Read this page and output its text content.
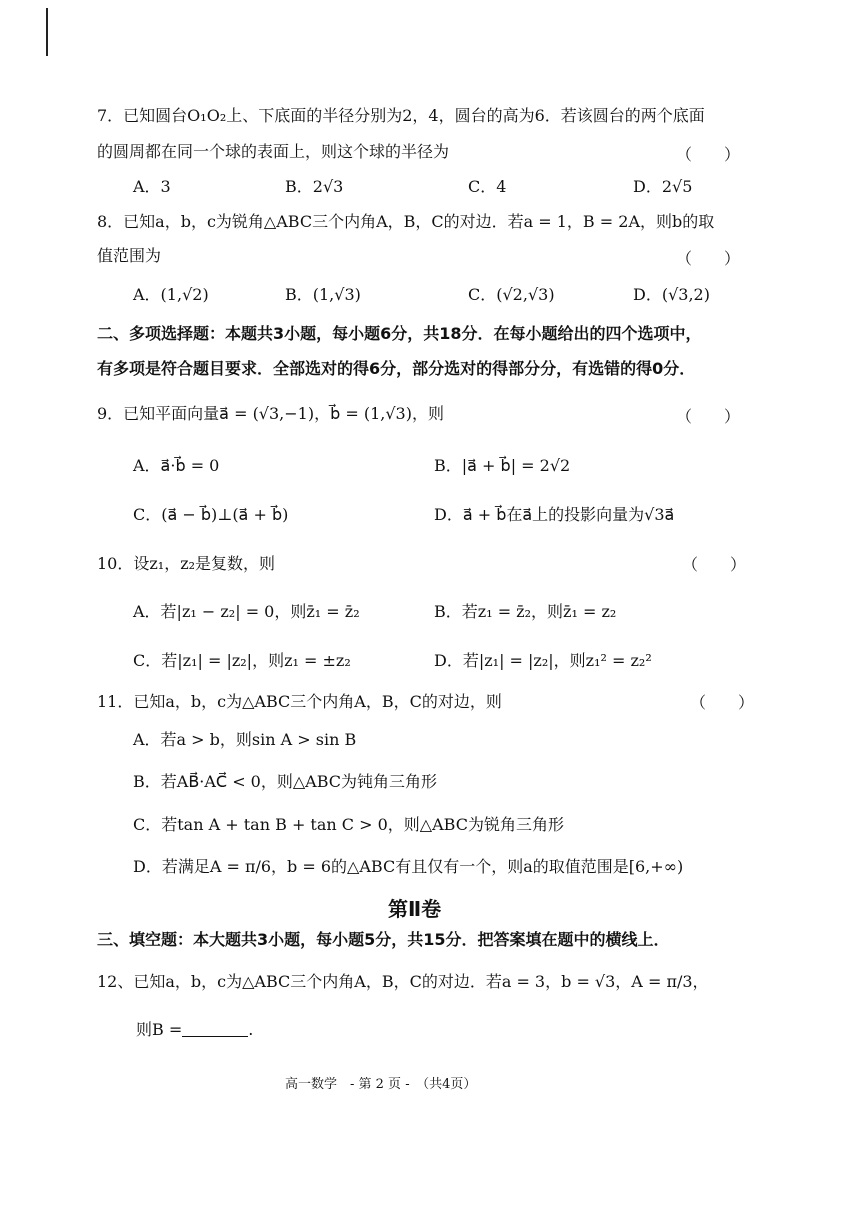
7．已知圆台O₁O₂上、下底面的半径分别为2，4，圆台的高为6．若该圆台的两个底面
的圆周都在同一个球的表面上，则这个球的半径为	（　　）
A．3	B．2√3	C．4	D．2√5
8．已知a，b，c为锐角△ABC三个内角A，B，C的对边．若a = 1，B = 2A，则b的取
值范围为	（　　）
A．(1,√2)	B．(1,√3)	C．(√2,√3)	D．(√3,2)
二、多项选择题：本题共3小题，每小题6分，共18分．在每小题给出的四个选项中，
有多项是符合题目要求．全部选对的得6分，部分选对的得部分分，有选错的得0分．
9．已知平面向量a⃗ = (√3,−1)，b⃗ = (1,√3)，则	（　　）
A．a⃗·b⃗ = 0	B．|a⃗ + b⃗| = 2√2
C．(a⃗ − b⃗)⊥(a⃗ + b⃗)	D．a⃗ + b⃗在a⃗上的投影向量为√3a⃗
10．设z₁，z₂是复数，则	（　　）
A．若|z₁ − z₂| = 0，则z̄₁ = z̄₂	B．若z₁ = z̄₂，则z̄₁ = z₂
C．若|z₁| = |z₂|，则z₁ = ±z₂	D．若|z₁| = |z₂|，则z₁² = z₂²
11．已知a，b，c为△ABC三个内角A，B，C的对边，则	（　　）
A．若a > b，则sin A > sin B
B．若AB⃗·AC⃗ < 0，则△ABC为钝角三角形
C．若tan A + tan B + tan C > 0，则△ABC为锐角三角形
D．若满足A = π/6，b = 6的△ABC有且仅有一个，则a的取值范围是[6,+∞)
第Ⅱ卷
三、填空题：本大题共3小题，每小题5分，共15分．把答案填在题中的横线上．
12、已知a，b，c为△ABC三个内角A，B，C的对边．若a = 3，b = √3，A = π/3，
则B =	.
高一数学　- 第 2 页 -　（共4页）
